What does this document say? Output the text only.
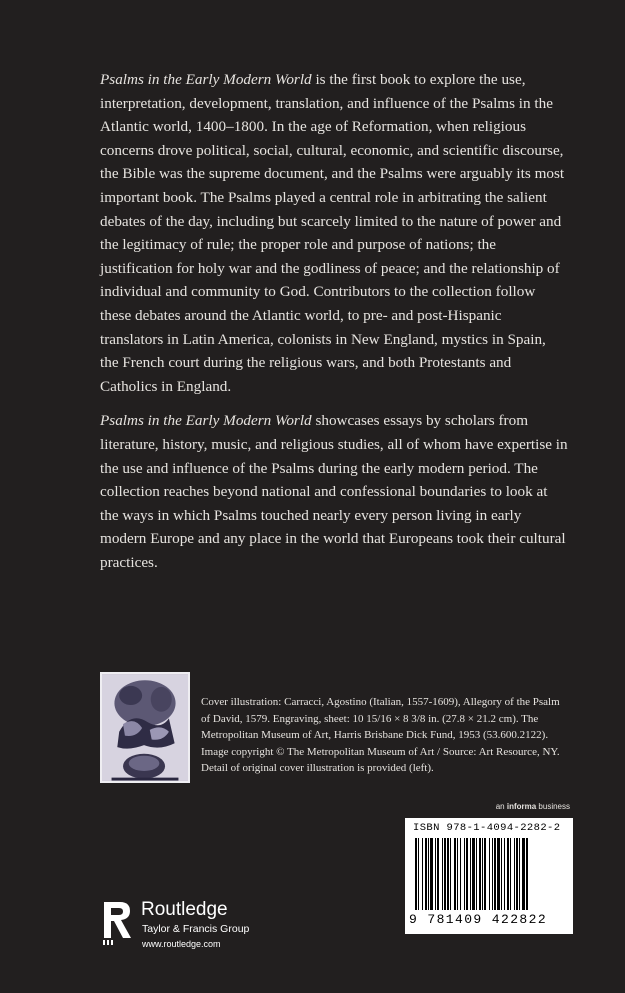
Psalms in the Early Modern World is the first book to explore the use, interpretation, development, translation, and influence of the Psalms in the Atlantic world, 1400–1800. In the age of Reformation, when religious concerns drove political, social, cultural, economic, and scientific discourse, the Bible was the supreme document, and the Psalms were arguably its most important book. The Psalms played a central role in arbitrating the salient debates of the day, including but scarcely limited to the nature of power and the legitimacy of rule; the proper role and purpose of nations; the justification for holy war and the godliness of peace; and the relationship of individual and community to God. Contributors to the collection follow these debates around the Atlantic world, to pre- and post-Hispanic translators in Latin America, colonists in New England, mystics in Spain, the French court during the religious wars, and both Protestants and Catholics in England.

Psalms in the Early Modern World showcases essays by scholars from literature, history, music, and religious studies, all of whom have expertise in the use and influence of the Psalms during the early modern period. The collection reaches beyond national and confessional boundaries to look at the ways in which Psalms touched nearly every person living in early modern Europe and any place in the world that Europeans took their cultural practices.

Cover illustration: Carracci, Agostino (Italian, 1557-1609), Allegory of the Psalm of David, 1579. Engraving, sheet: 10 15/16 × 8 3/8 in. (27.8 × 21.2 cm). The Metropolitan Museum of Art, Harris Brisbane Dick Fund, 1953 (53.600.2122). Image copyright © The Metropolitan Museum of Art / Source: Art Resource, NY. Detail of original cover illustration is provided (left).
an informa business
ISBN 978-1-4094-2282-2
9 781409 422822
Routledge
Taylor & Francis Group
www.routledge.com
